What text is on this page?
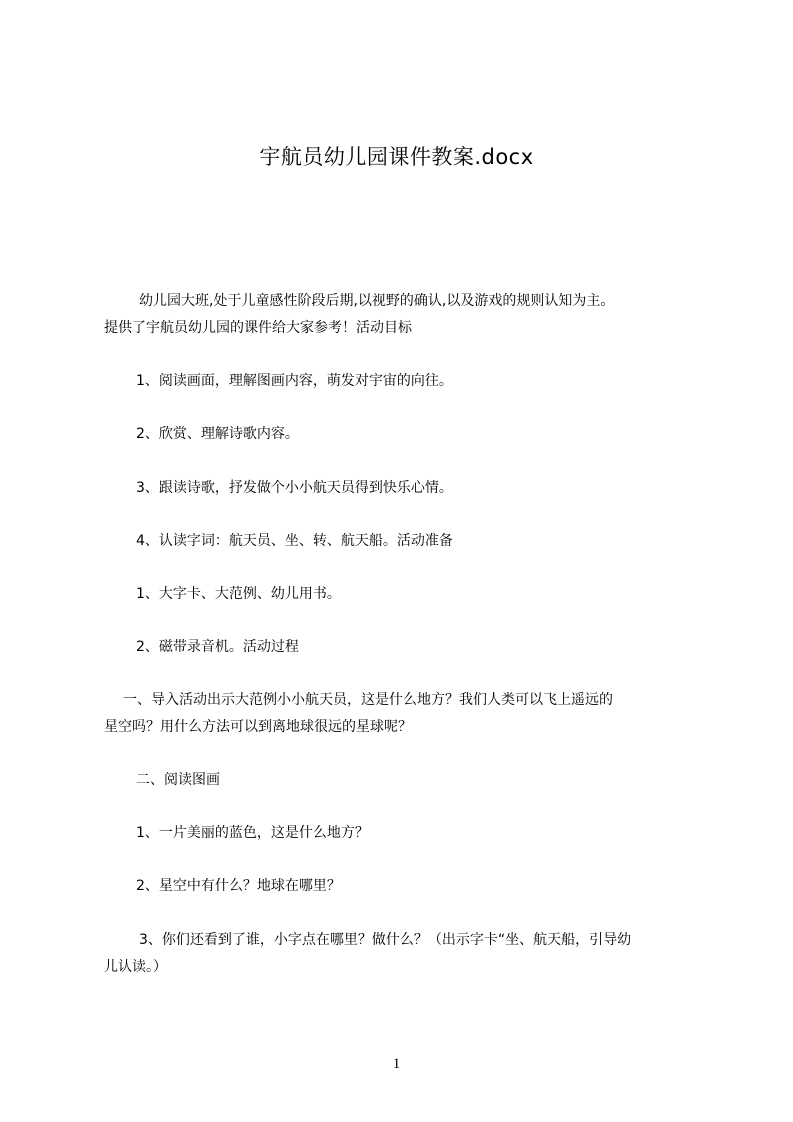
宇航员幼儿园课件教案.docx

幼儿园大班,处于儿童感性阶段后期,以视野的确认,以及游戏的规则认知为主。

提供了宇航员幼儿园的课件给大家参考！活动目标

1、阅读画面，理解图画内容，萌发对宇宙的向往。

2、欣赏、理解诗歌内容。

3、跟读诗歌，抒发做个小小航天员得到快乐心情。

4、认读字词：航天员、坐、转、航天船。活动准备

1、大字卡、大范例、幼儿用书。

2、磁带录音机。活动过程

一、导入活动出示大范例小小航天员，这是什么地方？我们人类可以飞上遥远的

星空吗？用什么方法可以到离地球很远的星球呢？

二、阅读图画

1、一片美丽的蓝色，这是什么地方？

2、星空中有什么？地球在哪里？

3、你们还看到了谁，小字点在哪里？做什么？（出示字卡“坐、航天船，引导幼

儿认读。）

1
